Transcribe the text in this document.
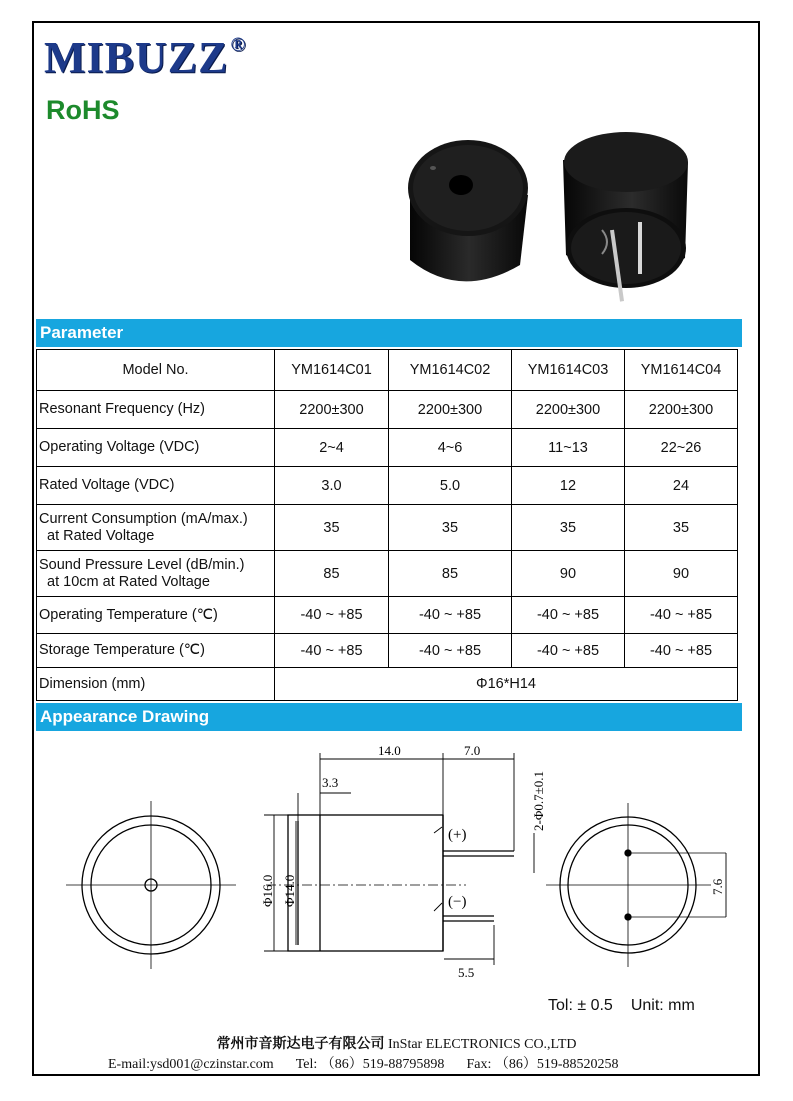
MIBUZZ ®
RoHS
Parameter
Model No.	YM1614C01	YM1614C02	YM1614C03	YM1614C04
Resonant Frequency (Hz)	2200±300	2200±300	2200±300	2200±300
Operating Voltage (VDC)	2~4	4~6	11~13	22~26
Rated Voltage (VDC)	3.0	5.0	12	24

Current Consumption (mA/max.)
at Rated Voltage	35	35	35	35

Sound Pressure Level (dB/min.)
at 10cm at Rated Voltage	85	85	90	90
Operating Temperature (℃)	-40 ~ +85	-40 ~ +85	-40 ~ +85	-40 ~ +85
Storage Temperature (℃)	-40 ~ +85	-40 ~ +85	-40 ~ +85	-40 ~ +85
Dimension (mm)	Φ16*H14			
Appearance Drawing
14.0	7.0
3.3	2-Φ0.7±0.1
Φ16.0 Φ14.0
5.5
7.6
(+)
(−)
Tol: ± 0.5 Unit: mm
常州市音斯达电子有限公司 InStar ELECTRONICS CO.,LTD
E-mail:ysd001@czinstar.com Tel: （86）519-88795898 Fax: （86）519-88520258
